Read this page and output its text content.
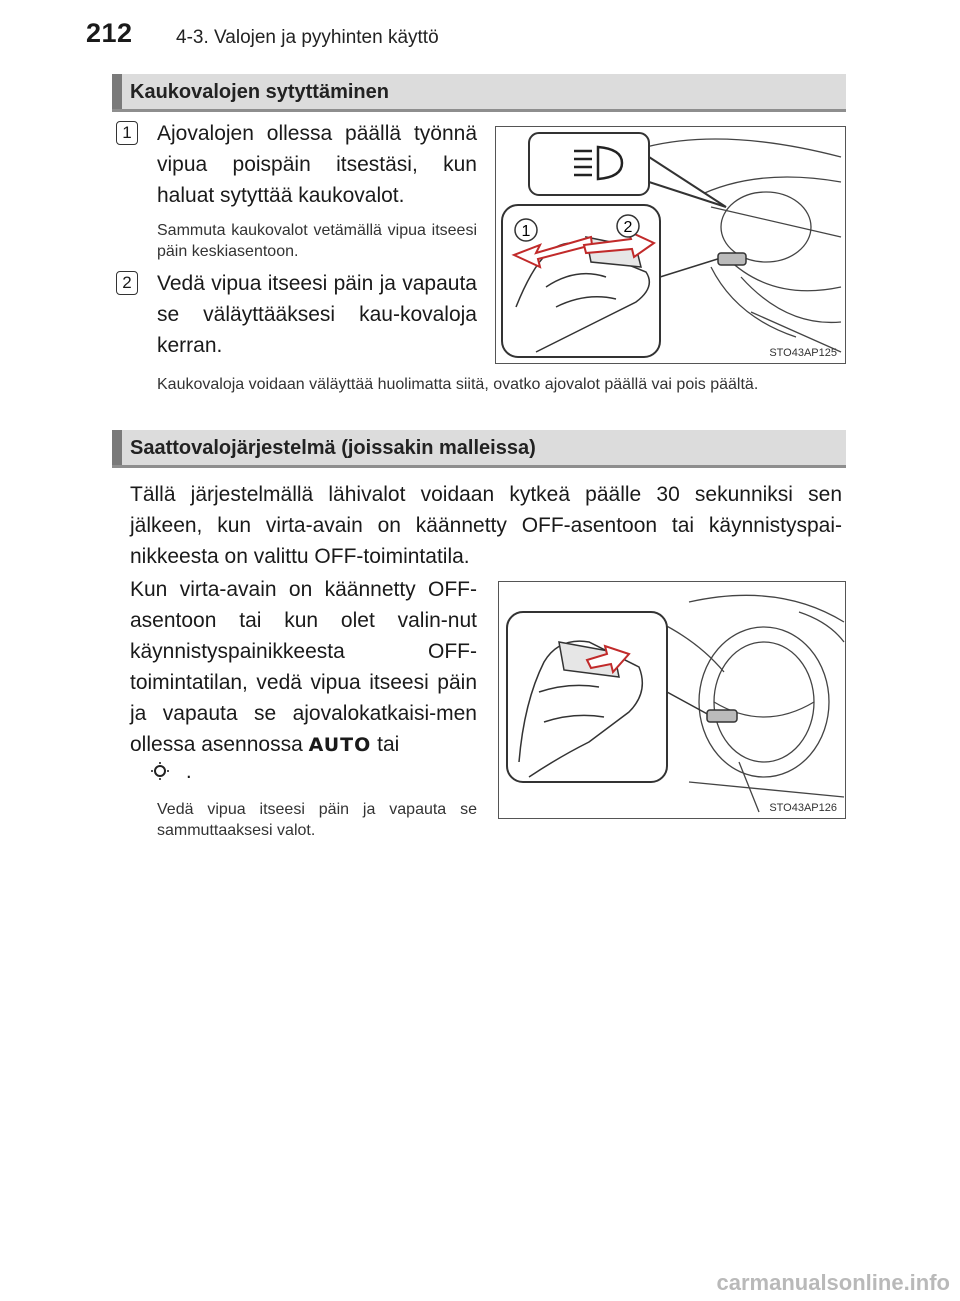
212 4-3. Valojen ja pyyhinten käyttö
Kaukovalojen sytyttäminen
1 Ajovalojen ollessa päällä työnnä vipua poispäin itsestäsi, kun haluat sytyttää kaukovalot.
Sammuta kaukovalot vetämällä vipua itseesi päin keskiasentoon.
2 Vedä vipua itseesi päin ja vapauta se väläyttääksesi kau-kovaloja kerran.
Kaukovaloja voidaan väläyttää huolimatta siitä, ovatko ajovalot päällä vai pois päältä.
1	2
STO43AP125
Saattovalojärjestelmä (joissakin malleissa)
Tällä järjestelmällä lähivalot voidaan kytkeä päälle 30 sekunniksi sen jälkeen, kun virta-avain on käännetty OFF-asentoon tai käynnistyspai-nikkeesta on valittu OFF-toimintatila.
Kun virta-avain on käännetty OFF-asentoon tai kun olet valin-nut käynnistyspainikkeesta OFF-toimintatilan, vedä vipua itseesi päin ja vapauta se ajovalokatkaisi-men ollessa asennossa AUTO tai
.
Vedä vipua itseesi päin ja vapauta se sammuttaaksesi valot.
STO43AP126
carmanualsonline.info
